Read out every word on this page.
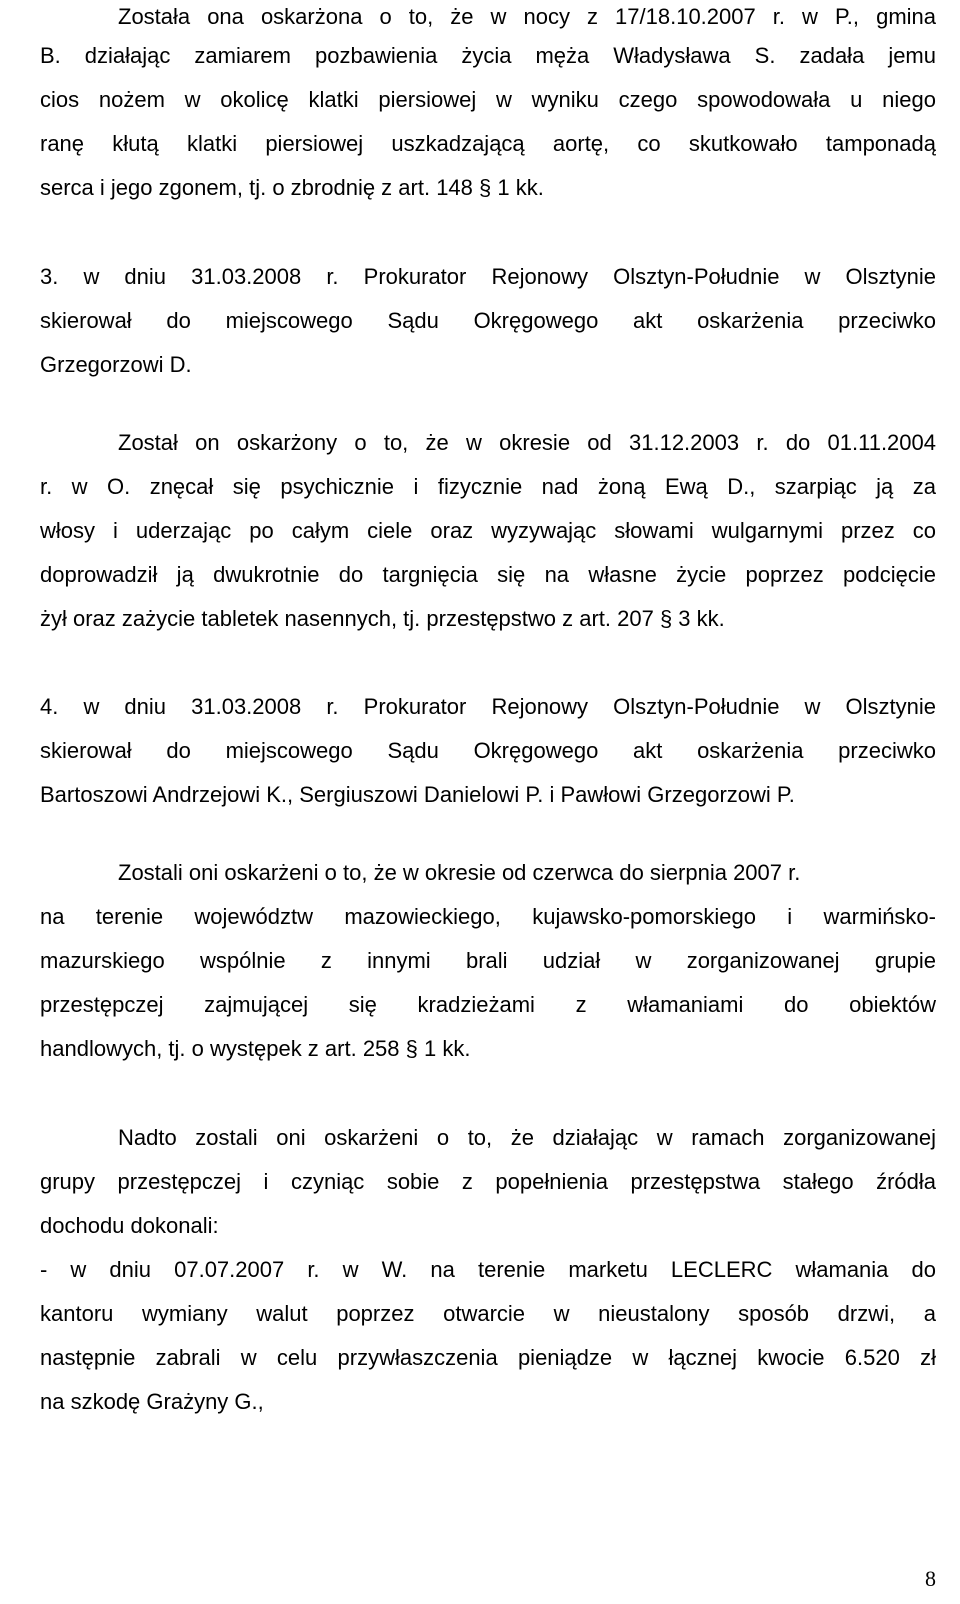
Została ona oskarżona o to, że w nocy z 17/18.10.2007 r. w P., gmina
B. działając zamiarem pozbawienia życia męża Władysława S. zadała jemu
cios nożem w okolicę klatki piersiowej w wyniku czego spowodowała u niego
ranę kłutą klatki piersiowej uszkadzającą aortę, co skutkowało tamponadą
serca i jego zgonem, tj. o zbrodnię z art. 148 § 1 kk.
3. w dniu 31.03.2008 r. Prokurator Rejonowy Olsztyn-Południe w Olsztynie
skierował do miejscowego Sądu Okręgowego akt oskarżenia przeciwko
Grzegorzowi D.
Został on oskarżony o to, że w okresie od 31.12.2003 r. do 01.11.2004
r. w O. znęcał się psychicznie i fizycznie nad żoną Ewą D., szarpiąc ją za
włosy i uderzając po całym ciele oraz wyzywając słowami wulgarnymi przez co
doprowadził ją dwukrotnie do targnięcia się na własne życie poprzez podcięcie
żył oraz zażycie tabletek nasennych, tj. przestępstwo z art. 207 § 3 kk.
4. w dniu 31.03.2008 r. Prokurator Rejonowy Olsztyn-Południe w Olsztynie
skierował do miejscowego Sądu Okręgowego akt oskarżenia przeciwko
Bartoszowi Andrzejowi K., Sergiuszowi Danielowi P. i Pawłowi Grzegorzowi P.
Zostali oni oskarżeni o to, że w okresie od czerwca do sierpnia 2007 r.
na terenie województw mazowieckiego, kujawsko-pomorskiego i warmińsko-
mazurskiego wspólnie z innymi brali udział w zorganizowanej grupie
przestępczej zajmującej się kradzieżami z włamaniami do obiektów
handlowych, tj. o występek z art. 258 § 1 kk.
Nadto zostali oni oskarżeni o to, że działając w ramach zorganizowanej
grupy przestępczej i czyniąc sobie z popełnienia przestępstwa stałego źródła
dochodu dokonali:
- w dniu 07.07.2007 r. w W. na terenie marketu LECLERC włamania do
kantoru wymiany walut poprzez otwarcie w nieustalony sposób drzwi, a
następnie zabrali w celu przywłaszczenia pieniądze w łącznej kwocie 6.520 zł
na szkodę Grażyny G.,
8
